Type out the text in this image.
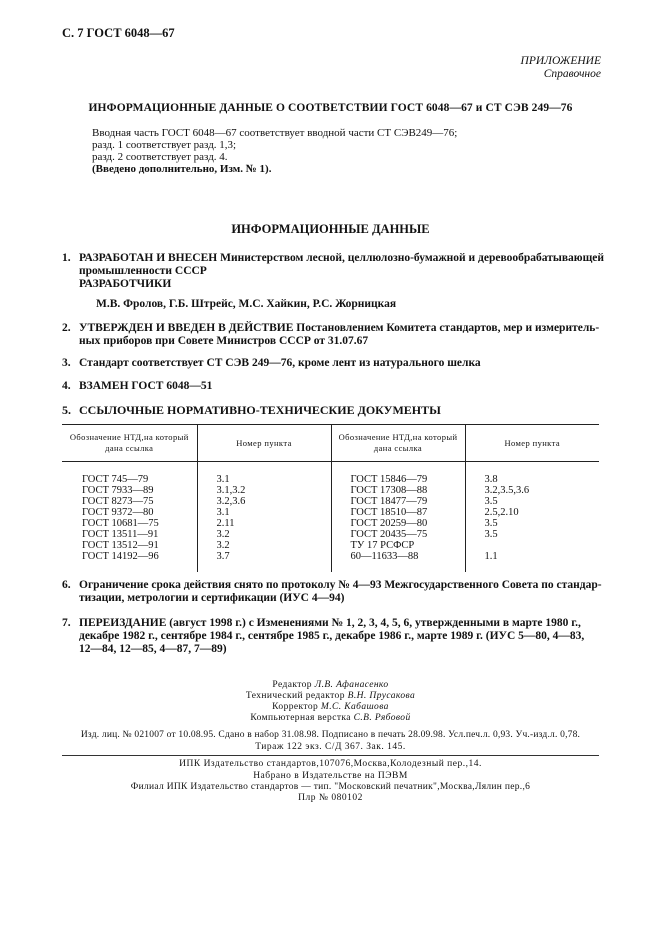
С. 7 ГОСТ 6048—67
ПРИЛОЖЕНИЕ
Справочное
ИНФОРМАЦИОННЫЕ ДАННЫЕ О СООТВЕТСТВИИ ГОСТ 6048—67 и СТ СЭВ 249—76
Вводная часть ГОСТ 6048—67 соответствует вводной части СТ СЭВ249—76;
разд. 1 соответствует разд. 1,3;
разд. 2 соответствует разд. 4.
(Введено дополнительно, Изм. № 1).
ИНФОРМАЦИОННЫЕ ДАННЫЕ
1. РАЗРАБОТАН И ВНЕСЕН Министерством лесной, целлюлозно-бумажной и деревообрабатывающей
промышленности СССР
РАЗРАБОТЧИКИ
М.В. Фролов, Г.Б. Штрейс, М.С. Хайкин, Р.С. Жорницкая
2. УТВЕРЖДЕН И ВВЕДЕН В ДЕЙСТВИЕ Постановлением Комитета стандартов, мер и измеритель-
ных приборов при Совете Министров СССР от 31.07.67
3. Стандарт соответствует СТ СЭВ 249—76, кроме лент из натурального шелка
4. ВЗАМЕН ГОСТ 6048—51
5. ССЫЛОЧНЫЕ НОРМАТИВНО-ТЕХНИЧЕСКИЕ ДОКУМЕНТЫ
Обозначение НТД,на который дана ссылка	Номер пункта	Обозначение НТД,на который дана ссылка	Номер пункта
ГОСТ 745—79	3.1	ГОСТ 15846—79	3.8
ГОСТ 7933—89	3.1,3.2	ГОСТ 17308—88	3.2,3.5,3.6
ГОСТ 8273—75	3.2,3.6	ГОСТ 18477—79	3.5
ГОСТ 9372—80	3.1	ГОСТ 18510—87	2.5,2.10
ГОСТ 10681—75	2.11	ГОСТ 20259—80	3.5
ГОСТ 13511—91	3.2	ГОСТ 20435—75	3.5
ГОСТ 13512—91	3.2	ТУ 17 РСФСР	
ГОСТ 14192—96	3.7	60—11633—88	1.1
6. Ограничение срока действия снято по протоколу № 4—93 Межгосударственного Совета по стандар-
тизации, метрологии и сертификации (ИУС 4—94)
7. ПЕРЕИЗДАНИЕ (август 1998 г.) с Изменениями № 1, 2, 3, 4, 5, 6, утвержденными в марте 1980 г.,
декабре 1982 г., сентябре 1984 г., сентябре 1985 г., декабре 1986 г., марте 1989 г. (ИУС 5—80, 4—83,
12—84, 12—85, 4—87, 7—89)
Редактор Л.В. Афанасенко
Технический редактор В.Н. Прусакова
Корректор М.С. Кабашова
Компьютерная верстка С.В. Рябовой
Изд. лиц. № 021007 от 10.08.95. Сдано в набор 31.08.98. Подписано в печать 28.09.98. Усл.печ.л. 0,93. Уч.-изд.л. 0,78.
Тираж 122 экз. С/Д 367. Зак. 145.
ИПК Издательство стандартов,107076,Москва,Колодезный пер.,14.
Набрано в Издательстве на ПЭВМ
Филиал ИПК Издательство стандартов — тип. "Московский печатник",Москва,Лялин пер.,6
Плр № 080102
